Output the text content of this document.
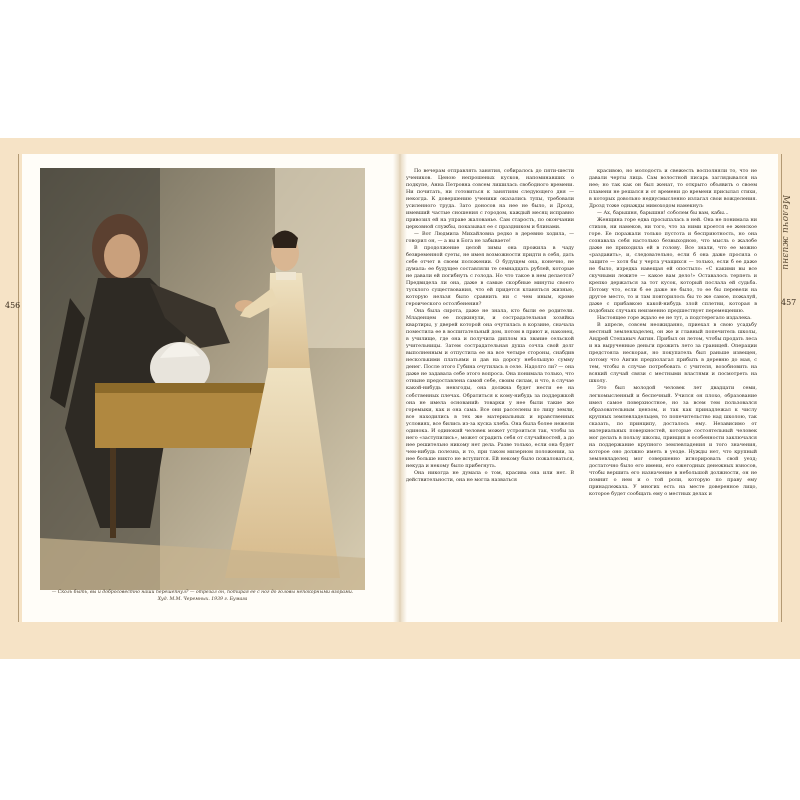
456
Мелочи жизни
457
— Сколь быть, вы и добросовестно наши перешепнул? — отрезал он, потирая ее с ног до головы непокорными взорами.
Худ. М.М. Черемных. 1939 г. Бумага

По вечерам отправлять занятия, собиралось до пяти-шести учеников. Ценою непрошеных кусков, напоминавших о подкупе, Анна Петровна совсем лишилась свободного времени. Ни почитать, ни готовиться к занятиям следующего дня — некогда. К довершению ученики оказались тупы, требовали усиленного труда. Зато доносов на нее не было, и Дрозд, имевший частые сношения с городом, каждый месяц исправно привозил ей на управе жалованье. Сам старость, по окончании церковной службы, показывал ее с праздником и блинами.

— Вот Людмила Михайловна редко в деревню ходила, — говорил он, — а вы в Бога не забываете!

В продолжение целой зимы она прожила в чаду безвременной суеты, не имея возможности придти в себя, дать себе отчет в своем положении. О будущем она, конечно, не думала: ее будущее составляли те семнадцать рублей, которые не давали ей погибнуть с голода. Но что такое в нем делается? Предвидела ли она, даже в самые скорбные минуты своего тусклого существования, что ей придется кланяться жизнью, которую нельзя было сравнить ни с чем иным, кроме героического остолбенения?

Она была сирота, даже не знала, кто были ее родители. Младенцем ее подкинули, и сострадательная хозяйка квартиры, у дверей которой она очутилась в корзине, сначала поместила ее в воспитательный дом, потом в приют и, наконец, в училище, где она и получила диплом на звание сельской учительницы. Затем сострадательная душа сочла свой долг выполненным и отпустила ее на все четыре стороны, снабдив несколькими платьями и дав на дорогу небольшую сумму денег. После этого Губина очутилась в селе. Надолго ли? — она даже не задавала себе этого вопроса. Она понимала только, что отныне предоставлена самой себе, своим силам, и что, в случае какой-нибудь невзгоды, она должна будет нести ее на собственных плечах. Обратиться к кому-нибудь за поддержкой она не имела оснований: товарки у нее были такие же горемыки, как и она сама. Все они расселены по лицу земли, все находились в тех же материальных и нравственных условиях, все бились из-за куска хлеба. Она была более нежели одинока. И одинокий человек может устроиться так, чтобы за него «заступились», может оградить себя от случайностей, а до нее решительно никому нет дела. Разве только, если она будет чем-нибудь полезна, и то, при таком мизерном положении, за нее больше никто не вступится. Ей некому было пожаловаться, некуда и некому было прибегнуть.

Она никогда не думала о том, красива она или нет. В действительности, она не могла назваться

красивою, но молодость и свежесть восполняли то, что не давали черты лица. Сам волостной писарь заглядывался на нее; но так как он был женат, то открыто объявить о своем пламени не решался и от времени до времени присылал стихи, в которых довольно недвусмысленно излагал свои вожделения. Дрозд тоже однажды мимоходом намекнул:

— Ах, барышня, барышня! соболем бы вам, кабы...

Женщина горе едва просыпалась в ней. Она не понимала ни стихов, ни намеков, ни того, что за ними кроется ее женское горе. Ее поражали только пустота и бесприютность, но она сознавала себя настолько безвыходною, что мысль о жалобе даже не приходила ей в голову. Все знали, что ее можно «раздавить», и, следовательно, если б она даже просила о защите — хотя бы у черта учащихся — только, если б ее даже не было, изредка навещая ей опостыло: «С какими вы все скучными лежите — какое вам дело!» Оставалось терпеть и крепко держаться за тот кусок, который послала ей судьба. Потому что, если б ее даже не было, то ее бы перевели на другое место, то и там повторилось бы то же самое, пожалуй, даже с прибавкою какой-нибудь злой сплетни, которая в подобных случаях неизменно предшествует перемещению.

Настоящее горе ждало ее не тут, а подстерегало издалека.

В апреле, совсем неожиданно, приехал в свою усадьбу местный землевладелец, он же и главный попечитель школы, Андрей Степаныч Аигин. Прибыл он летом, чтобы продать леса и на вырученные деньги прожить лето за границей. Операции предстояла нескорая, но покупатель был раньше извещен, потому что Аигин предполагал прибыть в деревню до мая, с тем, чтобы в случае потребовать с учителя, возобновить на всякий случай связи с местными властями и посмотреть на школу.

Это был молодой человек лет двадцати семи, легкомысленный и беспечный. Учился он плохо, образование имел самое поверхностное, но за всем тем пользовался образовательным цензом, и так как принадлежал к числу крупных землевладельцев, то попечительство над школою, так сказать, по принципу, досталось ему. Независимо от материальных поверхностей, которые состоятельный человек мог делать в пользу школы, принцип в особенности заключался на поддержание крупного землевладения и того значения, которое оно должно иметь в уезде. Нужды нет, что крупный землевладелец мог совершенно игнорировать свой уезд; достаточно было его имени, его ежегодных денежных взносов, чтобы вершить его назначение в небольшой должности, он не помнит о нем и о той роли, которую по праву ему принадлежала. У многих есть на месте доверенное лицо, которое будет сообщать ему о местных делах и
